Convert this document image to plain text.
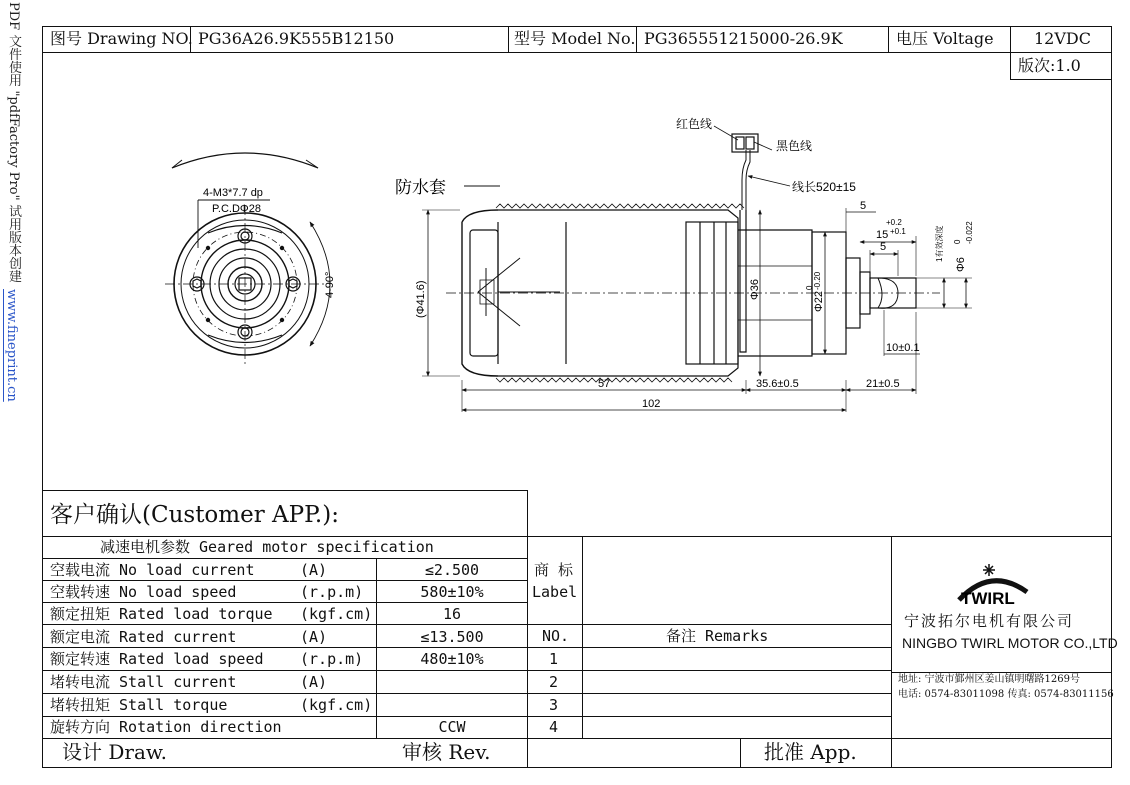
PDF 文件使用 "pdfFactory Pro" 试用版本创建
www.fineprint.cn
图号 Drawing NO. PG36A26.9K555B12150	型号 Model No. PG365551215000-26.9K	电压 Voltage	12VDC
版次:1.0
4-M3*7.7 dp
P.C.DΦ28
4-90°
防水套
红色线
黑色线
线长520±15
(Φ41.6)	Φ36
Φ22
0 -0.20
57	35.6±0.5	21±0.5
102
5
15
+0.2
+0.1
5
10±0.1
1有效深度
Φ6
0 -0.022
客户确认(Customer APP.):
减速电机参数 Geared motor specification
空载电流 No load current	(A)	≤2.500
空载转速 No load speed	(r.p.m)	580±10%
额定扭矩 Rated load torque (kgf.cm)	16
额定电流 Rated current	(A)	≤13.500
额定转速 Rated load speed (r.p.m)	480±10%
堵转电流 Stall current	(A)
堵转扭矩 Stall torque	(kgf.cm)
旋转方向 Rotation direction	CCW
商 标
Label
NO.	备注 Remarks
1
2
3
4
TWIRL
宁波拓尔电机有限公司
NINGBO TWIRL MOTOR CO.,LTD
地址: 宁波市鄞州区姜山镇明曙路1269号
电话: 0574-83011098 传真: 0574-83011156
设计 Draw.	审核 Rev.	批准 App.
